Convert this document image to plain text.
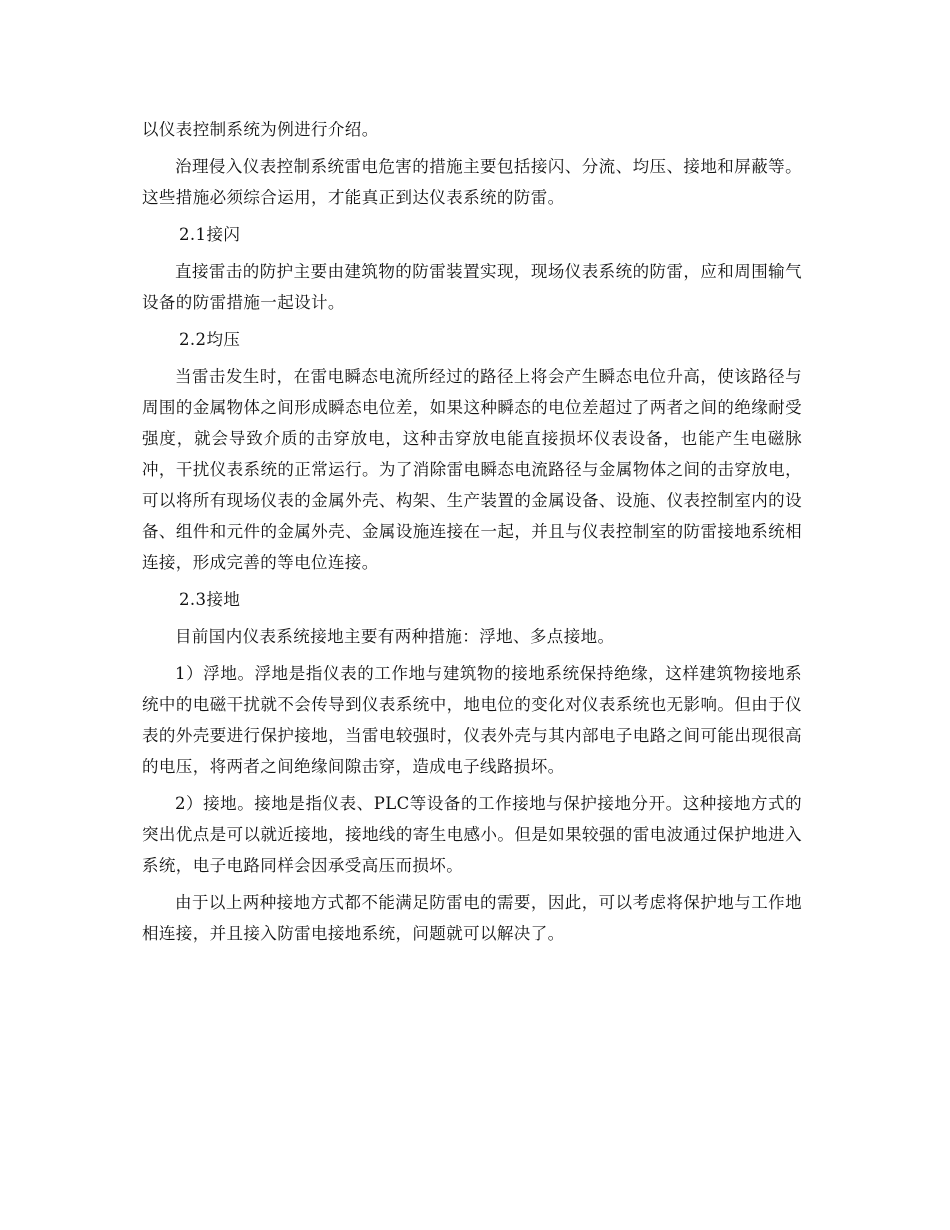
以仪表控制系统为例进行介绍。

治理侵入仪表控制系统雷电危害的措施主要包括接闪、分流、均压、接地和屏蔽等。这些措施必须综合运用，才能真正到达仪表系统的防雷。

2.1接闪

直接雷击的防护主要由建筑物的防雷装置实现，现场仪表系统的防雷，应和周围输气设备的防雷措施一起设计。

2.2均压

当雷击发生时，在雷电瞬态电流所经过的路径上将会产生瞬态电位升高，使该路径与周围的金属物体之间形成瞬态电位差，如果这种瞬态的电位差超过了两者之间的绝缘耐受强度，就会导致介质的击穿放电，这种击穿放电能直接损坏仪表设备，也能产生电磁脉冲，干扰仪表系统的正常运行。为了消除雷电瞬态电流路径与金属物体之间的击穿放电，可以将所有现场仪表的金属外壳、构架、生产装置的金属设备、设施、仪表控制室内的设备、组件和元件的金属外壳、金属设施连接在一起，并且与仪表控制室的防雷接地系统相连接，形成完善的等电位连接。

2.3接地

目前国内仪表系统接地主要有两种措施：浮地、多点接地。

1）浮地。浮地是指仪表的工作地与建筑物的接地系统保持绝缘，这样建筑物接地系统中的电磁干扰就不会传导到仪表系统中，地电位的变化对仪表系统也无影响。但由于仪表的外壳要进行保护接地，当雷电较强时，仪表外壳与其内部电子电路之间可能出现很高的电压，将两者之间绝缘间隙击穿，造成电子线路损坏。

2）接地。接地是指仪表、PLC等设备的工作接地与保护接地分开。这种接地方式的突出优点是可以就近接地，接地线的寄生电感小。但是如果较强的雷电波通过保护地进入系统，电子电路同样会因承受高压而损坏。

由于以上两种接地方式都不能满足防雷电的需要，因此，可以考虑将保护地与工作地相连接，并且接入防雷电接地系统，问题就可以解决了。
